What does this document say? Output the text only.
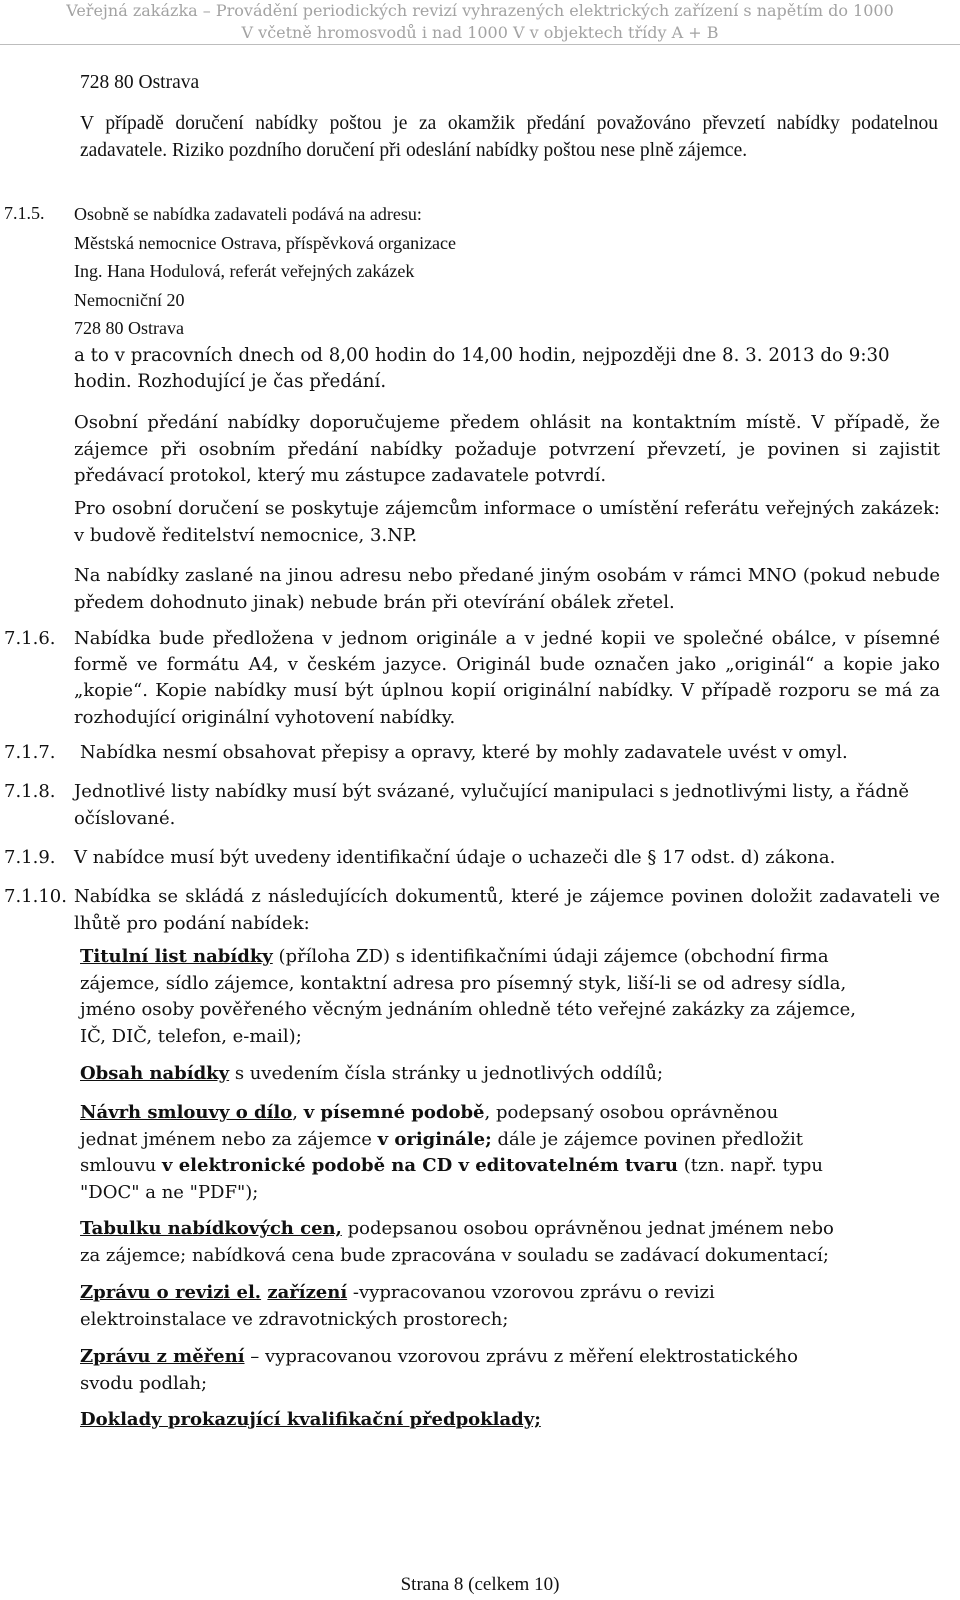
Veřejná zakázka – Provádění periodických revizí vyhrazených elektrických zařízení s napětím do 1000
V včetně hromosvodů i nad 1000 V v objektech třídy A + B

728 80 Ostrava

V případě doručení nabídky poštou je za okamžik předání považováno převzetí nabídky podatelnou zadavatele. Riziko pozdního doručení při odeslání nabídky poštou nese plně zájemce.

7.1.5. Osobně se nabídka zadavateli podává na adresu:
Městská nemocnice Ostrava, příspěvková organizace
Ing. Hana Hodulová, referát veřejných zakázek
Nemocniční 20
728 80 Ostrava

a to v pracovních dnech od 8,00 hodin do 14,00 hodin, nejpozději dne 8. 3. 2013 do 9:30 hodin. Rozhodující je čas předání.

Osobní předání nabídky doporučujeme předem ohlásit na kontaktním místě. V případě, že zájemce při osobním předání nabídky požaduje potvrzení převzetí, je povinen si zajistit předávací protokol, který mu zástupce zadavatele potvrdí.

Pro osobní doručení se poskytuje zájemcům informace o umístění referátu veřejných zakázek: v budově ředitelství nemocnice, 3.NP.

Na nabídky zaslané na jinou adresu nebo předané jiným osobám v rámci MNO (pokud nebude předem dohodnuto jinak) nebude brán při otevírání obálek zřetel.

7.1.6. Nabídka bude předložena v jednom originále a v jedné kopii ve společné obálce, v písemné formě ve formátu A4, v českém jazyce. Originál bude označen jako „originál“ a kopie jako „kopie“. Kopie nabídky musí být úplnou kopií originální nabídky. V případě rozporu se má za rozhodující originální vyhotovení nabídky.

7.1.7. Nabídka nesmí obsahovat přepisy a opravy, které by mohly zadavatele uvést v omyl.

7.1.8. Jednotlivé listy nabídky musí být svázané, vylučující manipulaci s jednotlivými listy, a řádně očíslované.

7.1.9. V nabídce musí být uvedeny identifikační údaje o uchazeči dle § 17 odst. d) zákona.

7.1.10. Nabídka se skládá z následujících dokumentů, které je zájemce povinen doložit zadavateli ve lhůtě pro podání nabídek:

Titulní list nabídky (příloha ZD) s identifikačními údaji zájemce (obchodní firma
zájemce, sídlo zájemce, kontaktní adresa pro písemný styk, liší-li se od adresy sídla,
jméno osoby pověřeného věcným jednáním ohledně této veřejné zakázky za zájemce,
IČ, DIČ, telefon, e-mail);
Obsah nabídky s uvedením čísla stránky u jednotlivých oddílů;
Návrh smlouvy o dílo, v písemné podobě, podepsaný osobou oprávněnou
jednat jménem nebo za zájemce v originále; dále je zájemce povinen předložit
smlouvu v elektronické podobě na CD v editovatelném tvaru (tzn. např. typu
"DOC" a ne "PDF");
Tabulku nabídkových cen, podepsanou osobou oprávněnou jednat jménem nebo
za zájemce; nabídková cena bude zpracována v souladu se zadávací dokumentací;
Zprávu o revizi el. zařízení -vypracovanou vzorovou zprávu o revizi
elektroinstalace ve zdravotnických prostorech;
Zprávu z měření – vypracovanou vzorovou zprávu z měření elektrostatického
svodu podlah;
Doklady prokazující kvalifikační předpoklady;
Strana 8 (celkem 10)
